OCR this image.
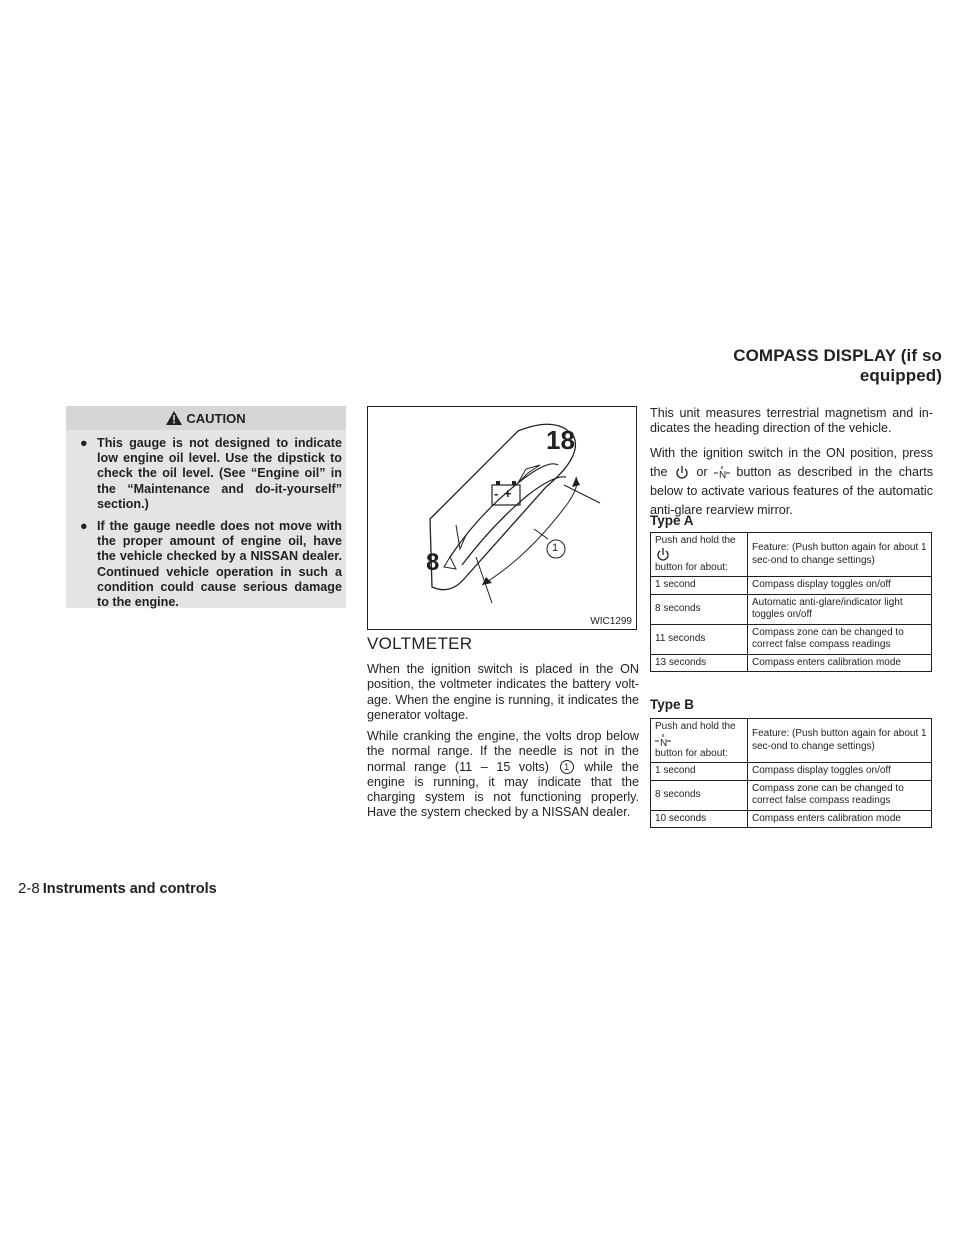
COMPASS DISPLAY (if so equipped)
CAUTION
● This gauge is not designed to indicate low engine oil level. Use the dipstick to check the oil level. (See “Engine oil” in the “Maintenance and do-it-yourself” section.)
● If the gauge needle does not move with the proper amount of engine oil, have the vehicle checked by a NISSAN dealer. Continued vehicle operation in such a condition could cause serious damage to the engine.
18
8
1
- +
WIC1299
VOLTMETER
When the ignition switch is placed in the ON position, the voltmeter indicates the battery volt-age. When the engine is running, it indicates the generator voltage.
While cranking the engine, the volts drop below the normal range. If the needle is not in the normal range (11 – 15 volts) 1 while the engine is running, it may indicate that the charging system is not functioning properly. Have the system checked by a NISSAN dealer.
This unit measures terrestrial magnetism and in-dicates the heading direction of the vehicle.
With the ignition switch in the ON position, press the or N button as described in the charts below to activate various features of the automatic anti-glare rearview mirror.
Type A
Push and hold the
button for about:	Feature: (Push button again for about 1 sec-ond to change settings)
1 second	Compass display toggles on/off
8 seconds	Automatic anti-glare/indicator light toggles on/off
11 seconds	Compass zone can be changed to correct false compass readings
13 seconds	Compass enters calibration mode
Type B
Push and hold the
N

button for about:	Feature: (Push button again for about 1 sec-ond to change settings)
1 second	Compass display toggles on/off
8 seconds	Compass zone can be changed to correct false compass readings
10 seconds	Compass enters calibration mode
2-8 Instruments and controls
